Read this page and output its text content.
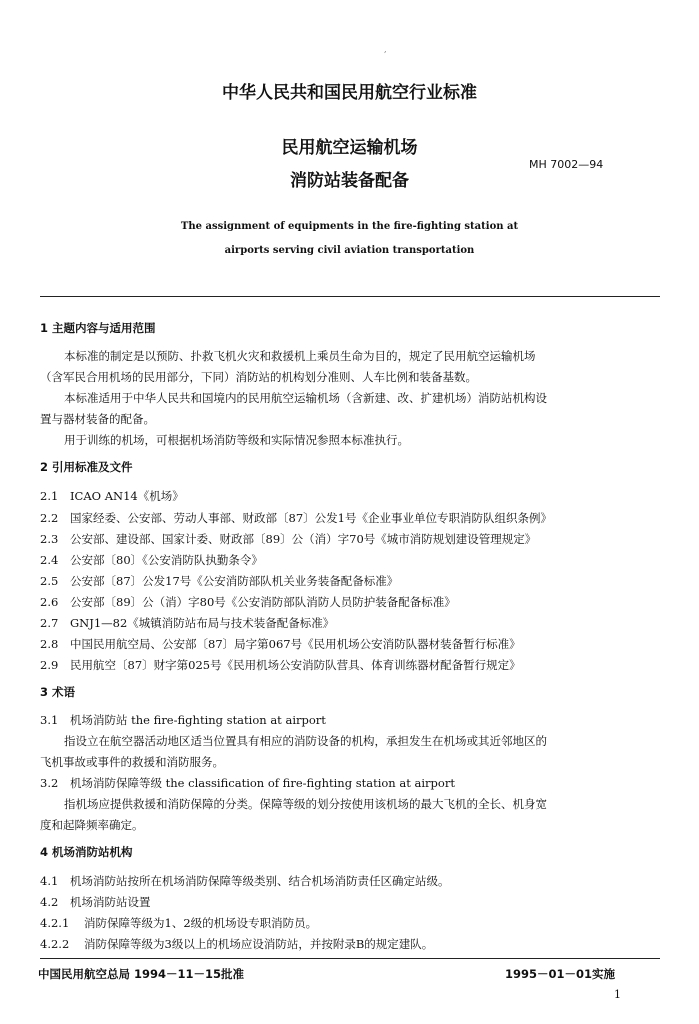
,
中华人民共和国民用航空行业标准
民用航空运输机场
消防站装备配备
MH 7002—94
The assignment of equipments in the fire-fighting station at
airports serving civil aviation transportation
1 主题内容与适用范围
本标准的制定是以预防、扑救飞机火灾和救援机上乘员生命为目的，规定了民用航空运输机场
（含军民合用机场的民用部分，下同）消防站的机构划分准则、人车比例和装备基数。
本标准适用于中华人民共和国境内的民用航空运输机场（含新建、改、扩建机场）消防站机构设
置与器材装备的配备。
用于训练的机场，可根据机场消防等级和实际情况参照本标准执行。
2 引用标准及文件
2.1 ICAO AN14《机场》
2.2 国家经委、公安部、劳动人事部、财政部〔87〕公发1号《企业事业单位专职消防队组织条例》
2.3 公安部、建设部、国家计委、财政部〔89〕公（消）字70号《城市消防规划建设管理规定》
2.4 公安部〔80〕《公安消防队执勤条令》
2.5 公安部〔87〕公发17号《公安消防部队机关业务装备配备标准》
2.6 公安部〔89〕公（消）字80号《公安消防部队消防人员防护装备配备标准》
2.7 GNJ1—82《城镇消防站布局与技术装备配备标准》
2.8 中国民用航空局、公安部〔87〕局字第067号《民用机场公安消防队器材装备暂行标准》
2.9 民用航空〔87〕财字第025号《民用机场公安消防队营具、体育训练器材配备暂行规定》
3 术语
3.1 机场消防站 the fire-fighting station at airport
指设立在航空器活动地区适当位置具有相应的消防设备的机构，承担发生在机场或其近邻地区的
飞机事故或事件的救援和消防服务。
3.2 机场消防保障等级 the classification of fire-fighting station at airport
指机场应提供救援和消防保障的分类。保障等级的划分按使用该机场的最大飞机的全长、机身宽
度和起降频率确定。
4 机场消防站机构
4.1 机场消防站按所在机场消防保障等级类别、结合机场消防责任区确定站级。
4.2 机场消防站设置
4.2.1 消防保障等级为1、2级的机场设专职消防员。
4.2.2 消防保障等级为3级以上的机场应设消防站，并按附录B的规定建队。
中国民用航空总局 1994－11－15批准	1995－01－01实施
1
